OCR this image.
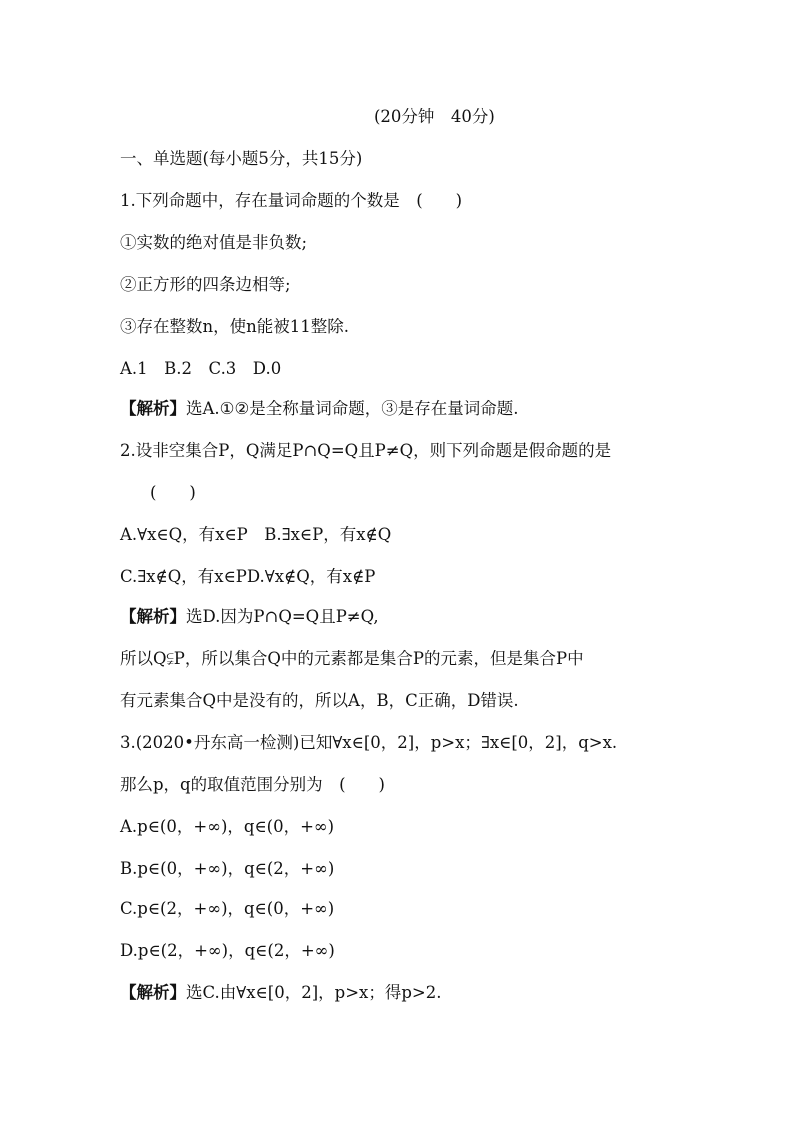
(20分钟　40分)
一、单选题(每小题5分，共15分)
1.下列命题中，存在量词命题的个数是　(　　)
①实数的绝对值是非负数;
②正方形的四条边相等;
③存在整数n，使n能被11整除.
A.1　B.2　C.3　D.0
【解析】选A.①②是全称量词命题，③是存在量词命题.
2.设非空集合P，Q满足P∩Q=Q且P≠Q，则下列命题是假命题的是
(　　)
A.∀x∈Q，有x∈P　B.∃x∈P，有x∉Q
C.∃x∉Q，有x∈PD.∀x∉Q，有x∉P
【解析】选D.因为P∩Q=Q且P≠Q,
所以Q⫋P，所以集合Q中的元素都是集合P的元素，但是集合P中
有元素集合Q中是没有的，所以A，B，C正确，D错误.
3.(2020•丹东高一检测)已知∀x∈[0，2]，p>x；∃x∈[0，2]，q>x.
那么p，q的取值范围分别为　(　　)
A.p∈(0，+∞)，q∈(0，+∞)
B.p∈(0，+∞)，q∈(2，+∞)
C.p∈(2，+∞)，q∈(0，+∞)
D.p∈(2，+∞)，q∈(2，+∞)
【解析】选C.由∀x∈[0，2]，p>x；得p>2.
